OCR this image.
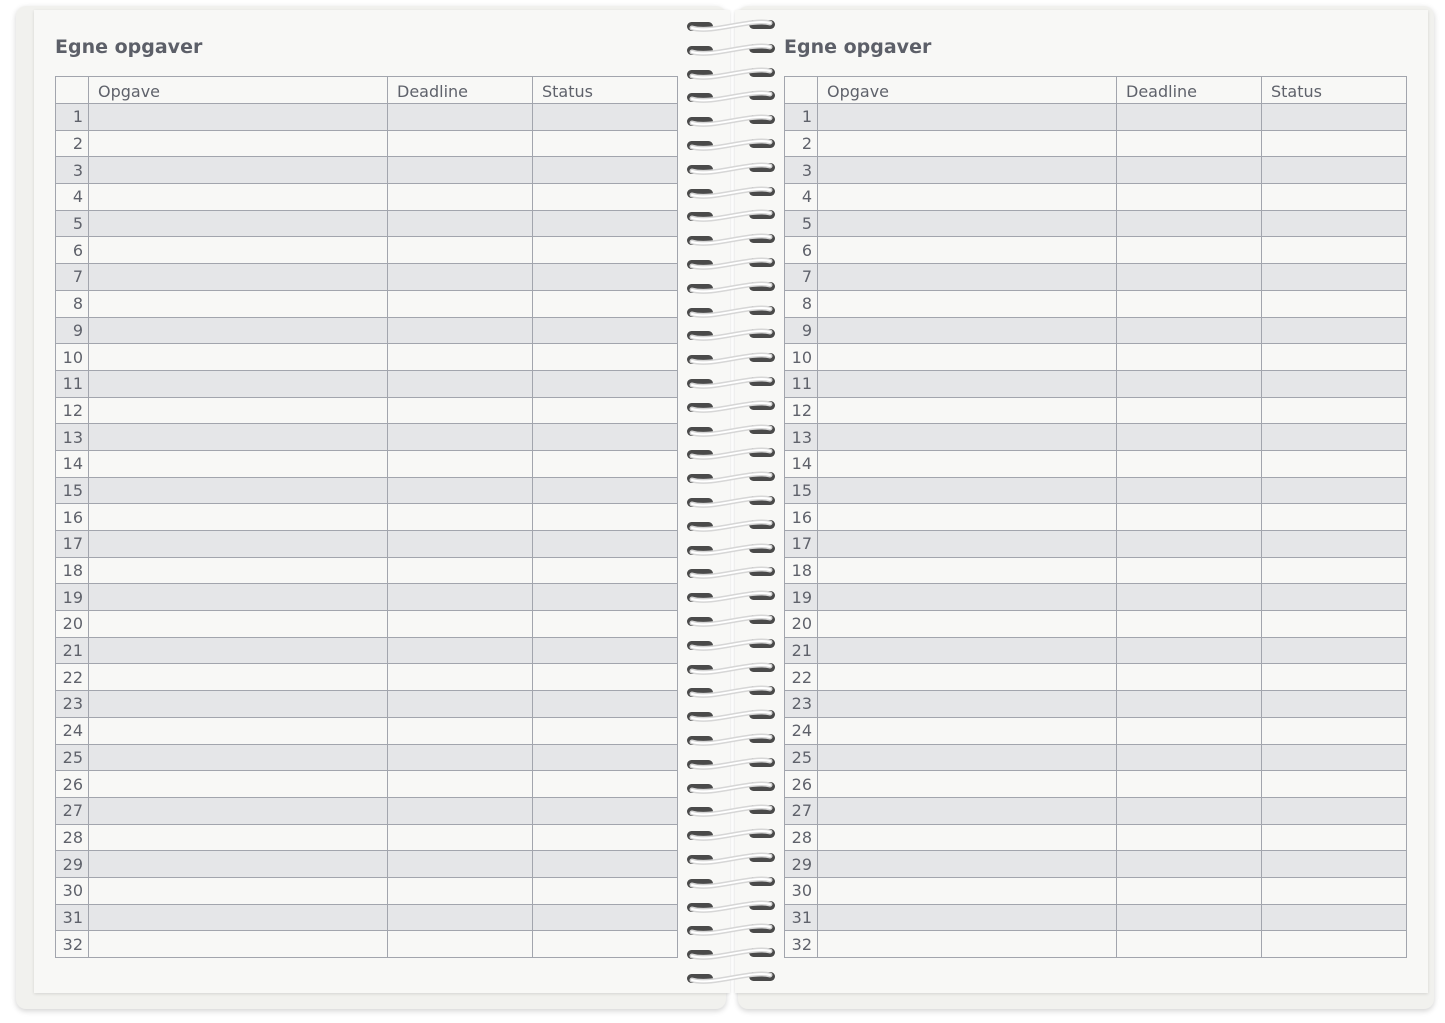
Egne opgaver
	Opgave	Deadline	Status
1			
2			
3			
4			
5			
6			
7			
8			
9			
10			
11			
12			
13			
14			
15			
16			
17			
18			
19			
20			
21			
22			
23			
24			
25			
26			
27			
28			
29			
30			
31			
32			
Egne opgaver
	Opgave	Deadline	Status
1			
2			
3			
4			
5			
6			
7			
8			
9			
10			
11			
12			
13			
14			
15			
16			
17			
18			
19			
20			
21			
22			
23			
24			
25			
26			
27			
28			
29			
30			
31			
32			
